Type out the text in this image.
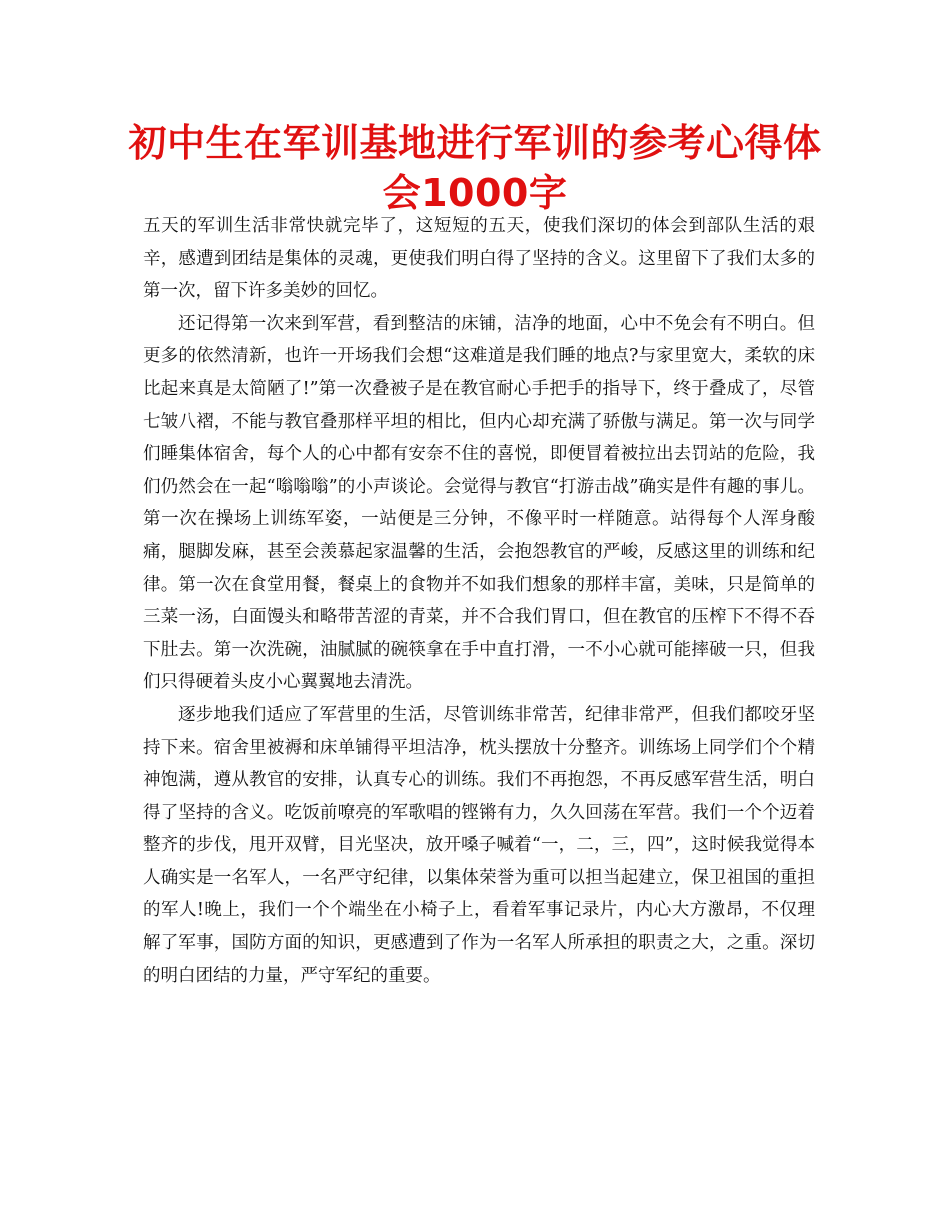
初中生在军训基地进行军训的参考心得体会1000字

五天的军训生活非常快就完毕了，这短短的五天，使我们深切的体会到部队生活的艰辛，感遭到团结是集体的灵魂，更使我们明白得了坚持的含义。这里留下了我们太多的第一次，留下许多美妙的回忆。

还记得第一次来到军营，看到整洁的床铺，洁净的地面，心中不免会有不明白。但更多的依然清新，也许一开场我们会想“这难道是我们睡的地点?与家里宽大，柔软的床比起来真是太简陋了!”第一次叠被子是在教官耐心手把手的指导下，终于叠成了，尽管七皱八褶，不能与教官叠那样平坦的相比，但内心却充满了骄傲与满足。第一次与同学们睡集体宿舍，每个人的心中都有安奈不住的喜悦，即便冒着被拉出去罚站的危险，我们仍然会在一起“嗡嗡嗡”的小声谈论。会觉得与教官“打游击战”确实是件有趣的事儿。第一次在操场上训练军姿，一站便是三分钟，不像平时一样随意。站得每个人浑身酸痛，腿脚发麻，甚至会羡慕起家温馨的生活，会抱怨教官的严峻，反感这里的训练和纪律。第一次在食堂用餐，餐桌上的食物并不如我们想象的那样丰富，美味，只是简单的三菜一汤，白面馒头和略带苦涩的青菜，并不合我们胃口，但在教官的压榨下不得不吞下肚去。第一次洗碗，油腻腻的碗筷拿在手中直打滑，一不小心就可能摔破一只，但我们只得硬着头皮小心翼翼地去清洗。

逐步地我们适应了军营里的生活，尽管训练非常苦，纪律非常严，但我们都咬牙坚持下来。宿舍里被褥和床单铺得平坦洁净，枕头摆放十分整齐。训练场上同学们个个精神饱满，遵从教官的安排，认真专心的训练。我们不再抱怨，不再反感军营生活，明白得了坚持的含义。吃饭前嘹亮的军歌唱的铿锵有力，久久回荡在军营。我们一个个迈着整齐的步伐，甩开双臂，目光坚决，放开嗓子喊着“一，二，三，四”，这时候我觉得本人确实是一名军人，一名严守纪律，以集体荣誉为重可以担当起建立，保卫祖国的重担的军人!晚上，我们一个个端坐在小椅子上，看着军事记录片，内心大方激昂，不仅理解了军事，国防方面的知识，更感遭到了作为一名军人所承担的职责之大，之重。深切的明白团结的力量，严守军纪的重要。
